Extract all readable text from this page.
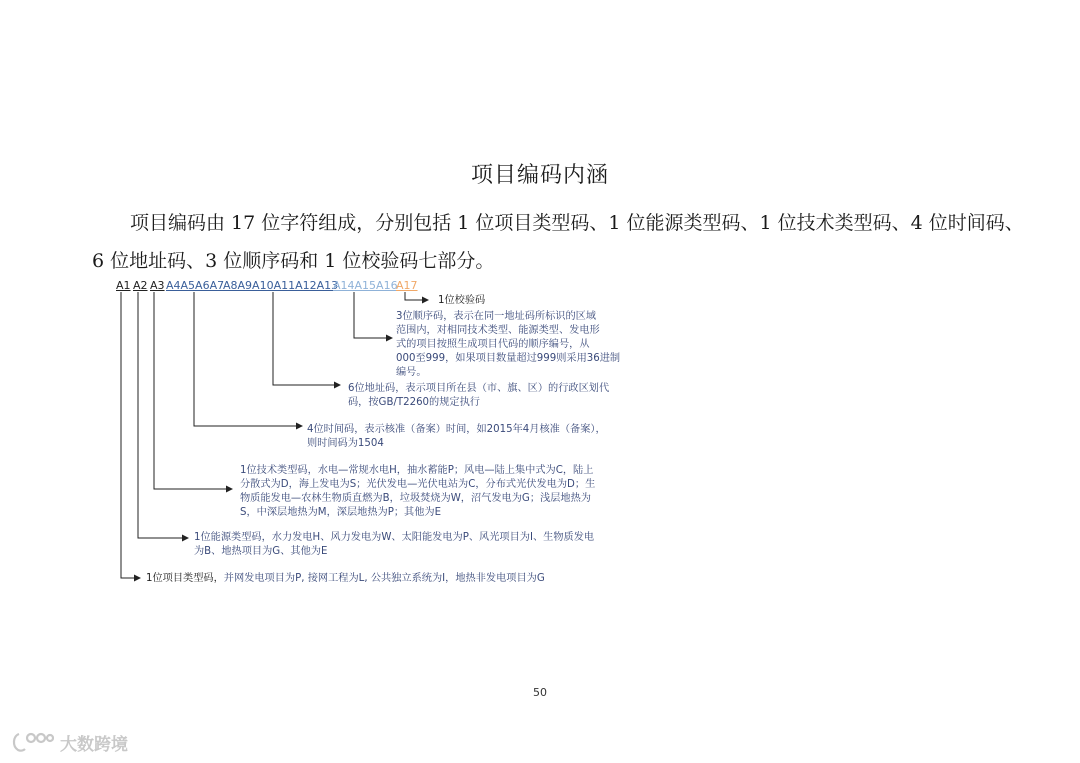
项目编码内涵
项目编码由 17 位字符组成，分别包括 1 位项目类型码、1 位能源类型码、1 位技术类型码、4 位时间码、
6 位地址码、3 位顺序码和 1 位校验码七部分。
A1 A2 A3 A4A5A6A7
A8A9A10A11A12A13
A14A15A16
A17
1位校验码
3位顺序码，表示在同一地址码所标识的区域
范围内，对相同技术类型、能源类型、发电形
式的项目按照生成项目代码的顺序编号，从
000至999，如果项目数量超过999则采用36进制
编号。
6位地址码，表示项目所在县（市、旗、区）的行政区划代
码，按GB/T2260的规定执行
4位时间码，表示核准（备案）时间，如2015年4月核准（备案），
则时间码为1504
1位技术类型码，水电—常规水电H，抽水蓄能P；风电—陆上集中式为C，陆上
分散式为D，海上发电为S；光伏发电—光伏电站为C，分布式光伏发电为D；生
物质能发电—农林生物质直燃为B，垃圾焚烧为W，沼气发电为G；浅层地热为
S，中深层地热为M，深层地热为P；其他为E
1位能源类型码，水力发电H、风力发电为W、太阳能发电为P、风光项目为I、生物质发电
为B、地热项目为G、其他为E
1位项目类型码，并网发电项目为P, 接网工程为L, 公共独立系统为I，地热非发电项目为G
50
大数跨境
